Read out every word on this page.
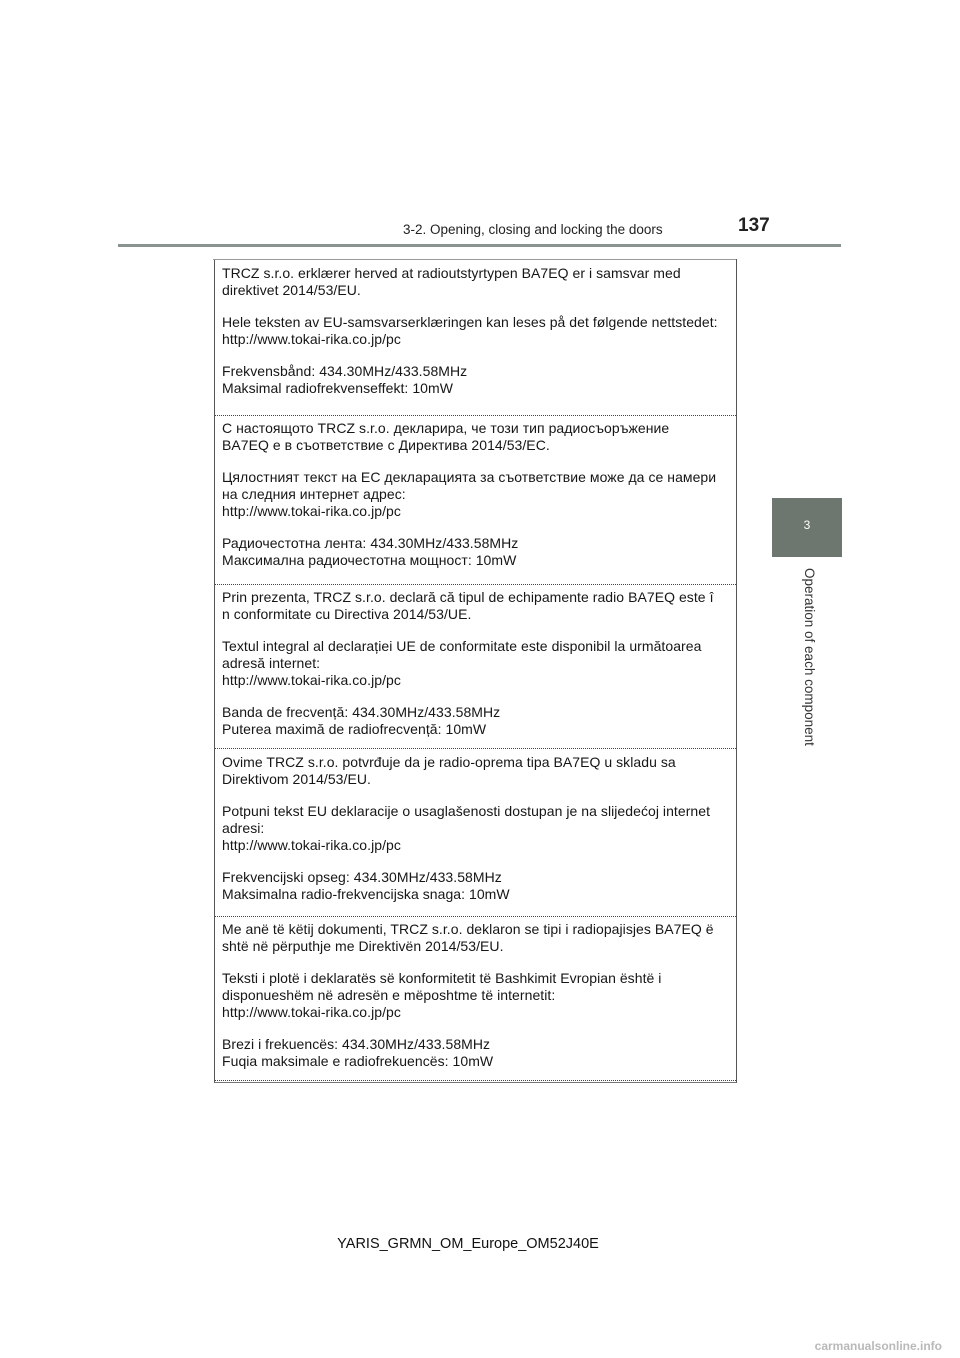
3-2. Opening, closing and locking the doors	137
3
Operation of each component

TRCZ s.r.o. erklærer herved at radioutstyrtypen BA7EQ er i samsvar med
direktivet 2014/53/EU.

Hele teksten av EU-samsvarserklæringen kan leses på det følgende nettstedet:
http://www.tokai-rika.co.jp/pc

Frekvensbånd: 434.30MHz/433.58MHz
Maksimal radiofrekvenseffekt: 10mW

С настоящото TRCZ s.r.o. декларира, че този тип радиосъоръжение
BA7EQ е в съответствие с Директива 2014/53/ЕС.

Цялостният текст на ЕС декларацията за съответствие може да се намери
на следния интернет адрес:
http://www.tokai-rika.co.jp/pc

Радиочестотна лента: 434.30MHz/433.58MHz
Максимална радиочестотна мощност: 10mW

Prin prezenta, TRCZ s.r.o. declară că tipul de echipamente radio BA7EQ este î
n conformitate cu Directiva 2014/53/UE.

Textul integral al declarației UE de conformitate este disponibil la următoarea
adresă internet:
http://www.tokai-rika.co.jp/pc

Banda de frecvență: 434.30MHz/433.58MHz
Puterea maximă de radiofrecvență: 10mW

Ovime TRCZ s.r.o. potvrđuje da je radio-oprema tipa BA7EQ u skladu sa
Direktivom 2014/53/EU.

Potpuni tekst EU deklaracije o usaglašenosti dostupan je na slijedećoj internet
adresi:
http://www.tokai-rika.co.jp/pc

Frekvencijski opseg: 434.30MHz/433.58MHz
Maksimalna radio-frekvencijska snaga: 10mW

Me anë të këtij dokumenti, TRCZ s.r.o. deklaron se tipi i radiopajisjes BA7EQ ë
shtë në përputhje me Direktivën 2014/53/EU.

Teksti i plotë i deklaratës së konformitetit të Bashkimit Evropian është i
disponueshëm në adresën e mëposhtme të internetit:
http://www.tokai-rika.co.jp/pc

Brezi i frekuencës: 434.30MHz/433.58MHz
Fuqia maksimale e radiofrekuencës: 10mW

YARIS_GRMN_OM_Europe_OM52J40E
carmanualsonline.info
